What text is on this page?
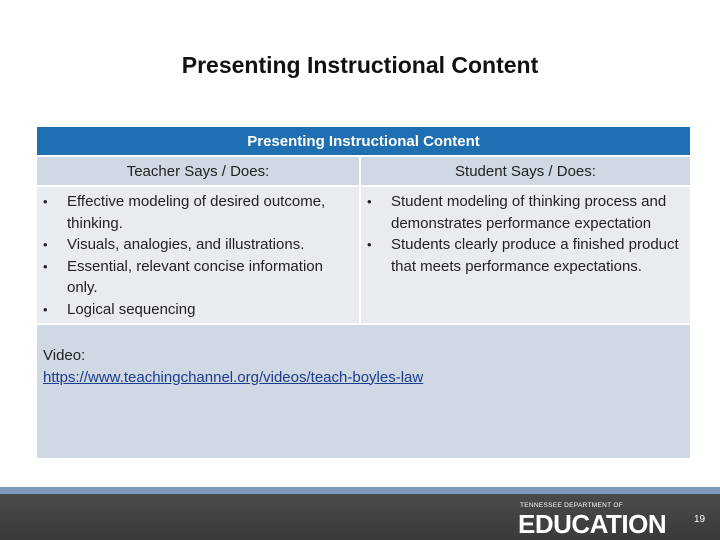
Presenting Instructional Content
Presenting Instructional Content
Teacher Says / Does:	Student Says / Does:
• Effective modeling of desired outcome, thinking.
• Visuals, analogies, and illustrations.
• Essential, relevant concise information only.
• Logical sequencing
• Student modeling of thinking process and demonstrates performance expectation
• Students clearly produce a finished product that meets performance expectations.
Video:
https://www.teachingchannel.org/videos/teach-boyles-law
TENNESSEE DEPARTMENT OF
EDUCATION	19
